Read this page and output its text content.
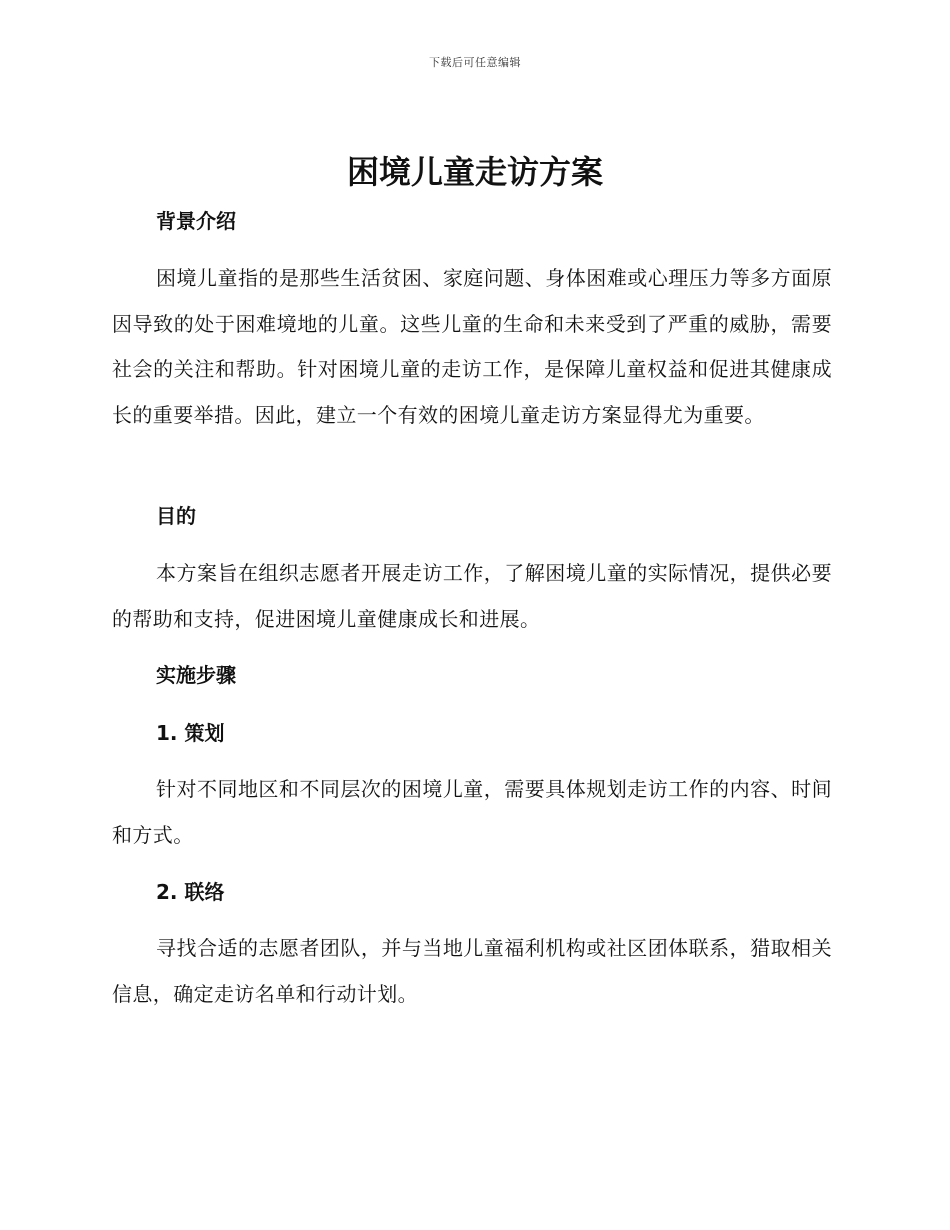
下载后可任意编辑
困境儿童走访方案
背景介绍

困境儿童指的是那些生活贫困、家庭问题、身体困难或心理压力等多方面原因导致的处于困难境地的儿童。这些儿童的生命和未来受到了严重的威胁，需要社会的关注和帮助。针对困境儿童的走访工作，是保障儿童权益和促进其健康成长的重要举措。因此，建立一个有效的困境儿童走访方案显得尤为重要。

目的

本方案旨在组织志愿者开展走访工作，了解困境儿童的实际情况，提供必要的帮助和支持，促进困境儿童健康成长和进展。

实施步骤
1. 策划

针对不同地区和不同层次的困境儿童，需要具体规划走访工作的内容、时间和方式。

2. 联络

寻找合适的志愿者团队，并与当地儿童福利机构或社区团体联系，猎取相关信息，确定走访名单和行动计划。
